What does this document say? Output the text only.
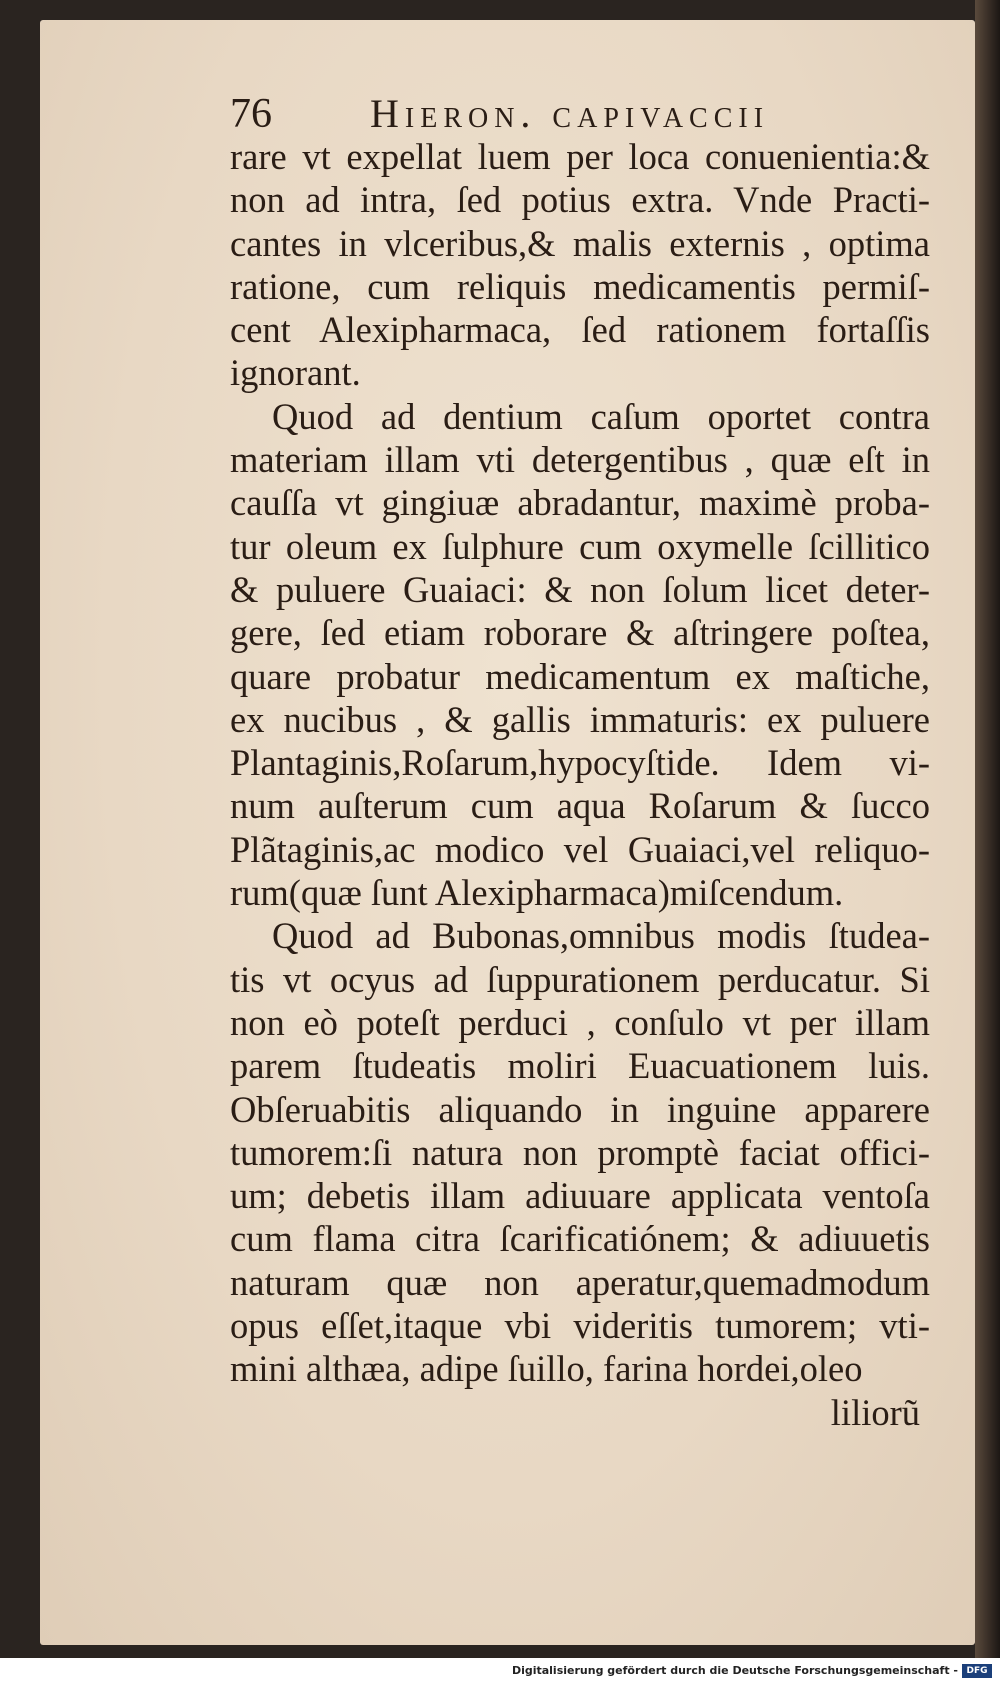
76 Hieron. capivaccii
rare vt expellat luem per loca conuenientia:&
non ad intra, ſed potius extra. Vnde Practi-
cantes in vlceribus,& malis externis , optima
ratione, cum reliquis medicamentis permiſ-
cent Alexipharmaca, ſed rationem fortaſſis
ignorant.
Quod ad dentium caſum oportet contra
materiam illam vti detergentibus , quæ eſt in
cauſſa vt gingiuæ abradantur, maximè proba-
tur oleum ex ſulphure cum oxymelle ſcillitico
& puluere Guaiaci: & non ſolum licet deter-
gere, ſed etiam roborare & aſtringere poſtea,
quare probatur medicamentum ex maſtiche,
ex nucibus , & gallis immaturis: ex puluere
Plantaginis,Roſarum,hypocyſtide. Idem vi-
num auſterum cum aqua Roſarum & ſucco
Plãtaginis,ac modico vel Guaiaci,vel reliquo-
rum(quæ ſunt Alexipharmaca)miſcendum.
Quod ad Bubonas,omnibus modis ſtudea-
tis vt ocyus ad ſuppurationem perducatur. Si
non eò poteſt perduci , conſulo vt per illam
parem ſtudeatis moliri Euacuationem luis.
Obſeruabitis aliquando in inguine apparere
tumorem:ſi natura non promptè faciat offici-
um; debetis illam adiuuare applicata ventoſa
cum flama citra ſcarificatiónem; & adiuuetis
naturam quæ non aperatur,quemadmodum
opus eſſet,itaque vbi videritis tumorem; vti-
mini althæa, adipe ſuillo, farina hordei,oleo
liliorũ
Digitalisierung gefördert durch die Deutsche Forschungsgemeinschaft - DFG
